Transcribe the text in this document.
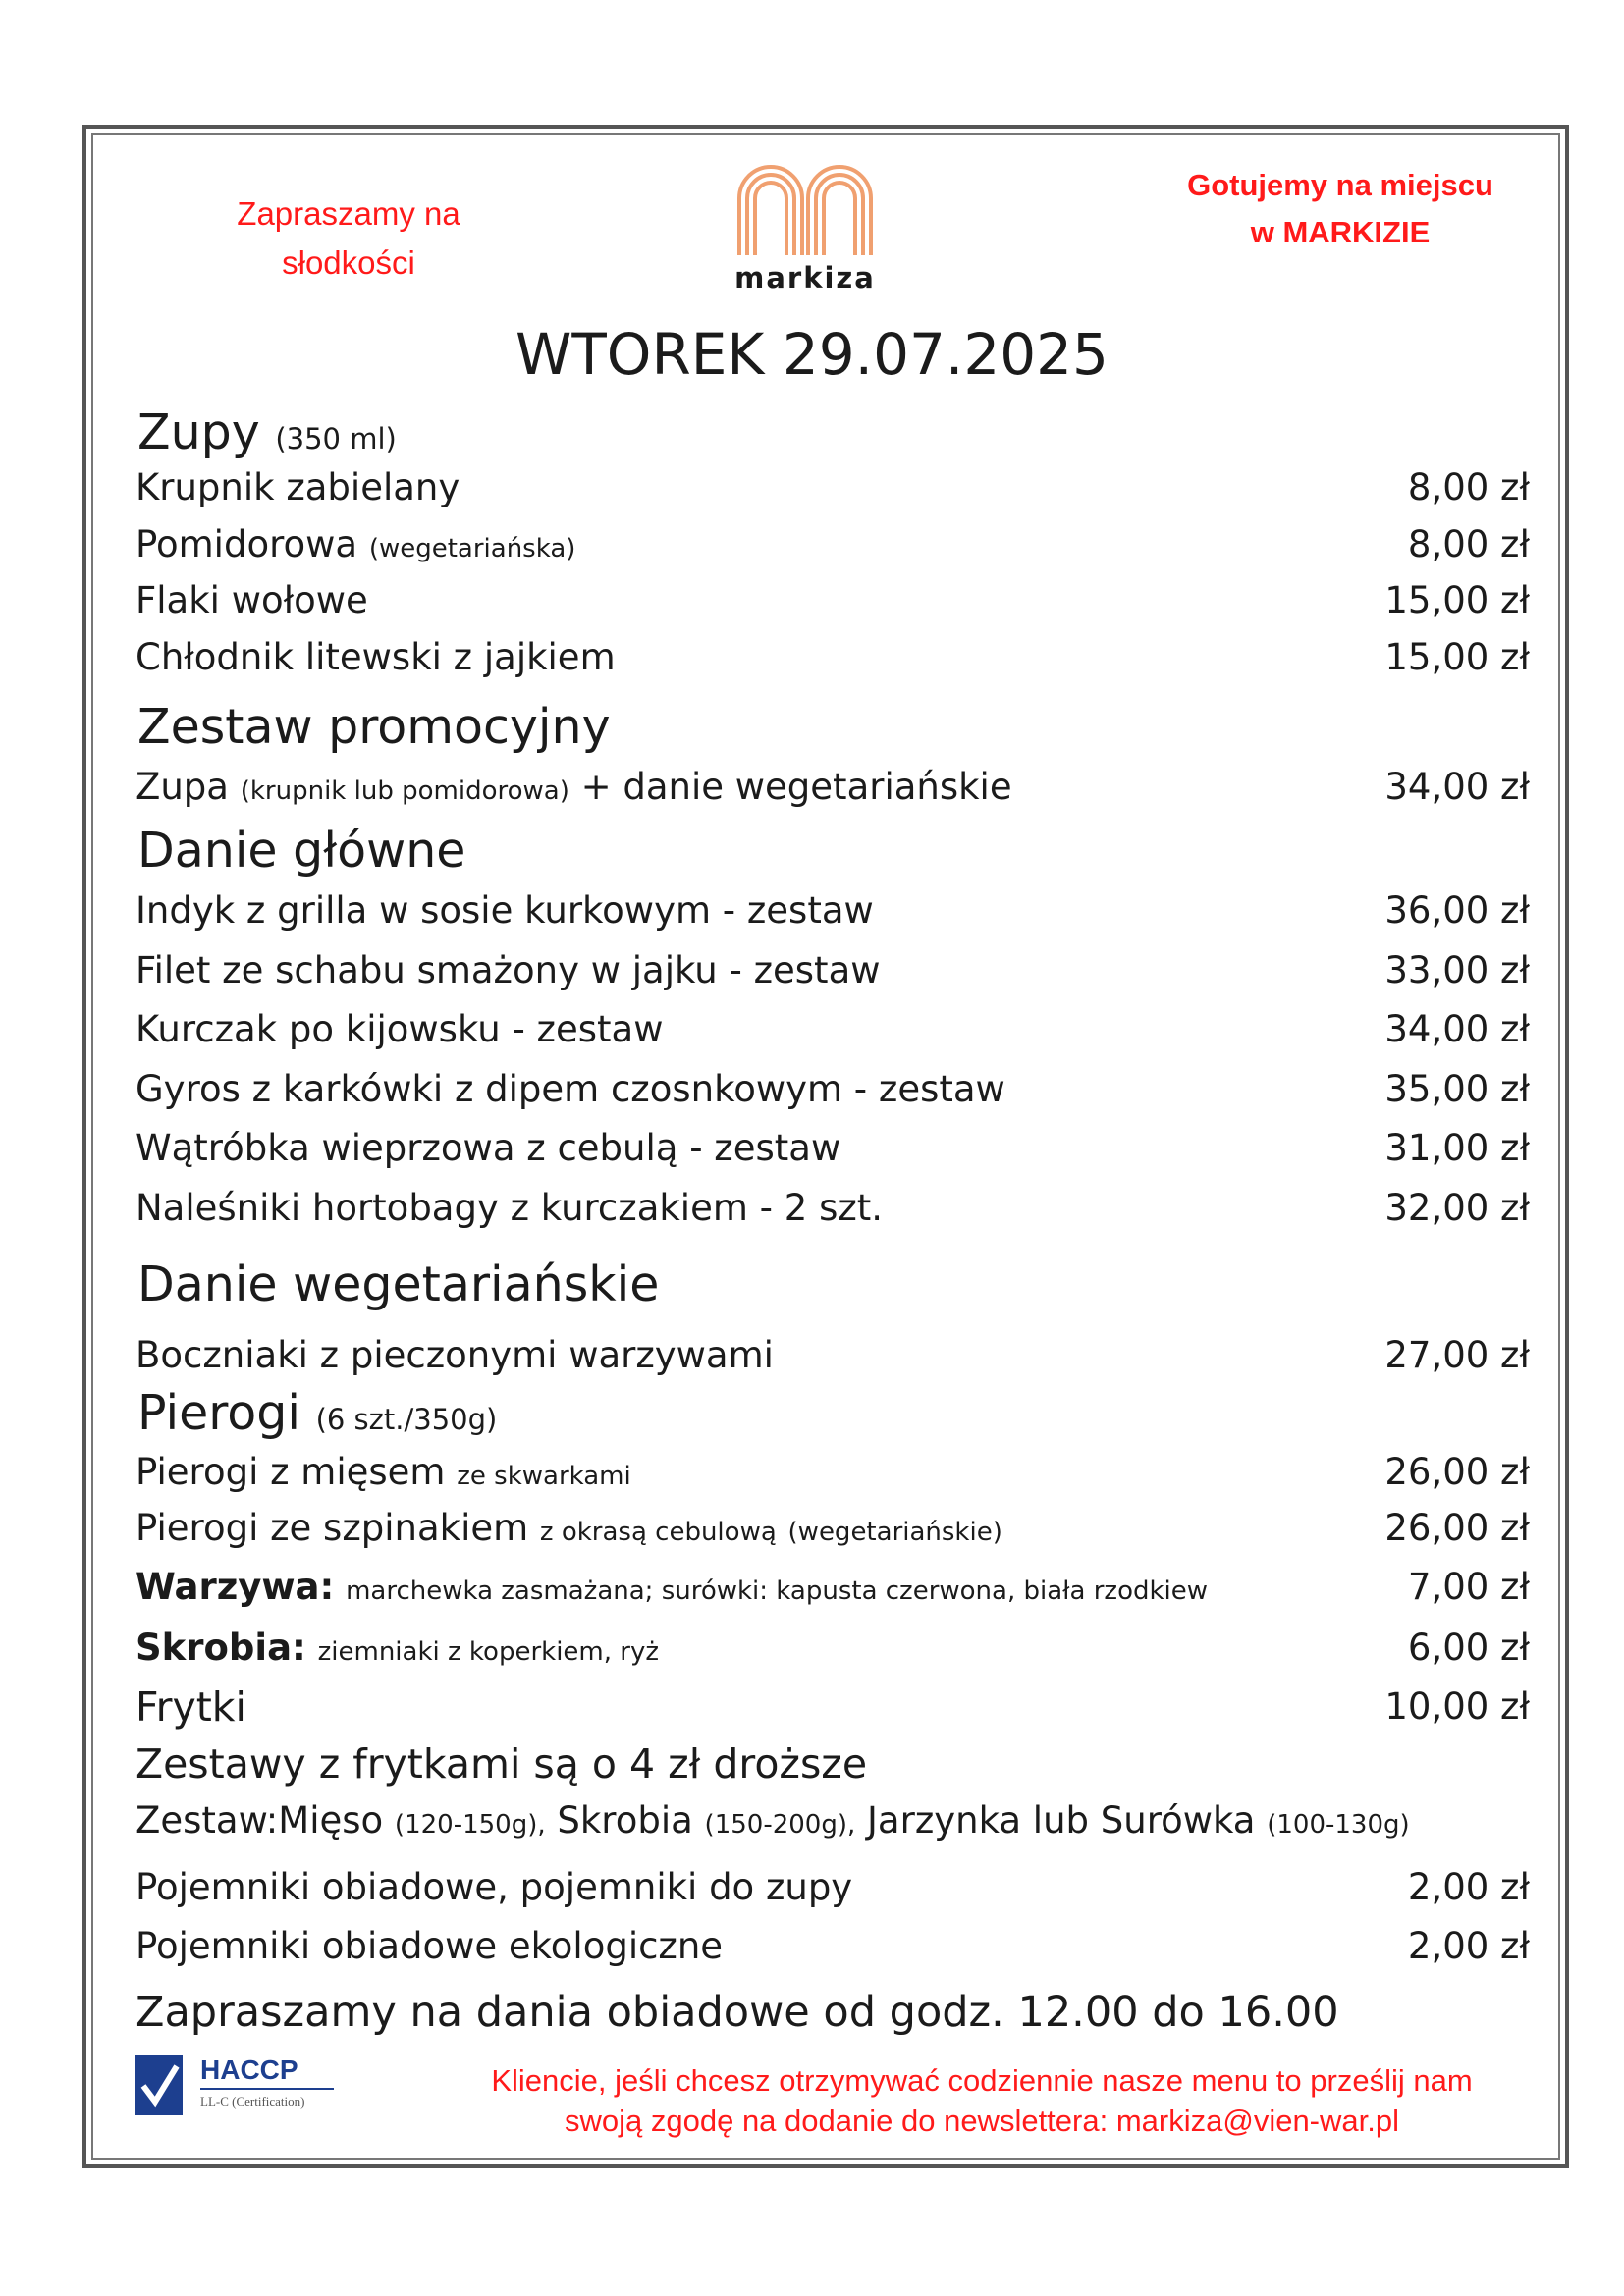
Zapraszamy na
słodkości	markiza
Gotujemy na miejscu
w MARKIZIE
WTOREK 29.07.2025
Zupy (350 ml)
Krupnik zabielany	8,00 zł
Pomidorowa (wegetariańska)	8,00 zł
Flaki wołowe	15,00 zł
Chłodnik litewski z jajkiem	15,00 zł
Zestaw promocyjny
Zupa (krupnik lub pomidorowa) + danie wegetariańskie	34,00 zł
Danie główne
Indyk z grilla w sosie kurkowym - zestaw	36,00 zł
Filet ze schabu smażony w jajku - zestaw	33,00 zł
Kurczak po kijowsku - zestaw	34,00 zł
Gyros z karkówki z dipem czosnkowym - zestaw	35,00 zł
Wątróbka wieprzowa z cebulą - zestaw	31,00 zł
Naleśniki hortobagy z kurczakiem - 2 szt.	32,00 zł
Danie wegetariańskie
Boczniaki z pieczonymi warzywami	27,00 zł
Pierogi (6 szt./350g)
Pierogi z mięsem ze skwarkami	26,00 zł
Pierogi ze szpinakiem z okrasą cebulową (wegetariańskie)	26,00 zł
Warzywa: marchewka zasmażana; surówki: kapusta czerwona, biała rzodkiew	7,00 zł
Skrobia: ziemniaki z koperkiem, ryż	6,00 zł
Frytki	10,00 zł
Zestawy z frytkami są o 4 zł droższe
Zestaw:Mięso (120-150g), Skrobia (150-200g), Jarzynka lub Surówka (100-130g)
Pojemniki obiadowe, pojemniki do zupy	2,00 zł
Pojemniki obiadowe ekologiczne	2,00 zł
Zapraszamy na dania obiadowe od godz. 12.00 do 16.00
HACCP
LL-C (Certification)
Kliencie, jeśli chcesz otrzymywać codziennie nasze menu to prześlij nam
swoją zgodę na dodanie do newslettera: markiza@vien-war.pl
